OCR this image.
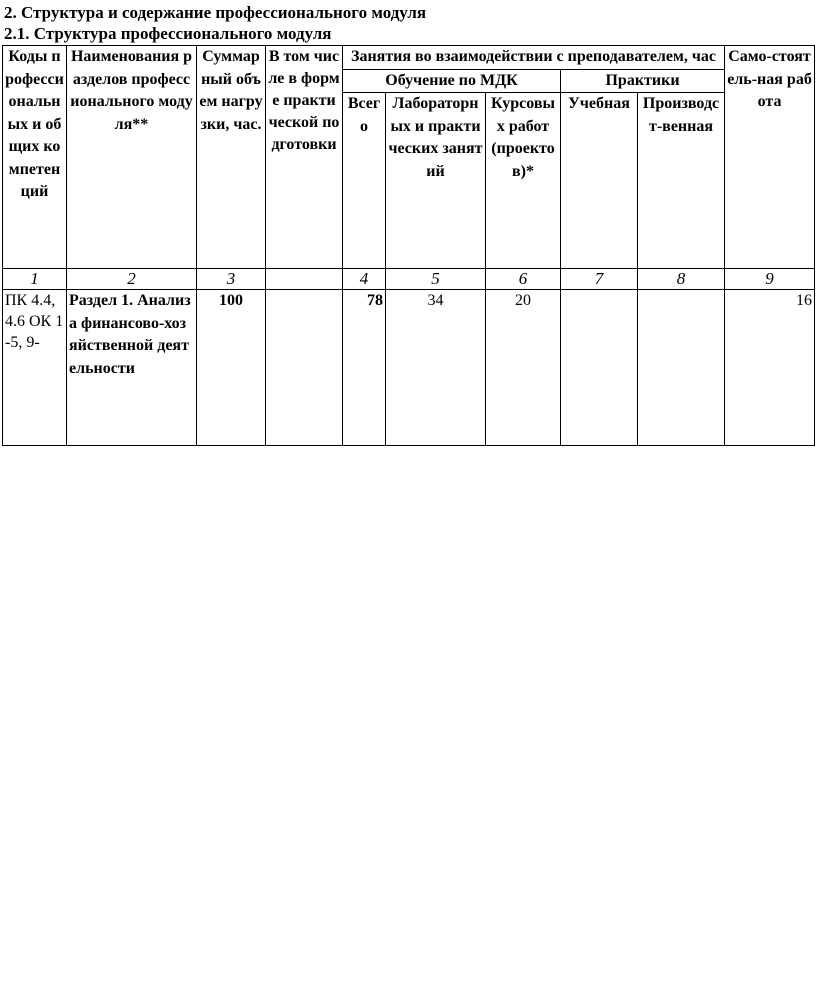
2. Структура и содержание профессионального модуля
2.1. Структура профессионального модуля
Коды профессиональных и общих компетенций	Наименования разделов профессионального модуля**	Суммарный объем нагрузки, час.	В том числе в форме практической подготовки	Занятия во взаимодействии с преподавателем, час					Само-стоятель-ная работа
				Обучение по МДК			Практики		
				Всего	Лабораторных и практических занятий	Курсовых работ (проектов)*	Учебная	Производст-венная	
1	2	3		4	5	6	7	8	9
ПК 4.4, 4.6 ОК 1-5, 9-	Раздел 1. Анализа финансово-хозяйственной деятельности	100		78	34	20			16
